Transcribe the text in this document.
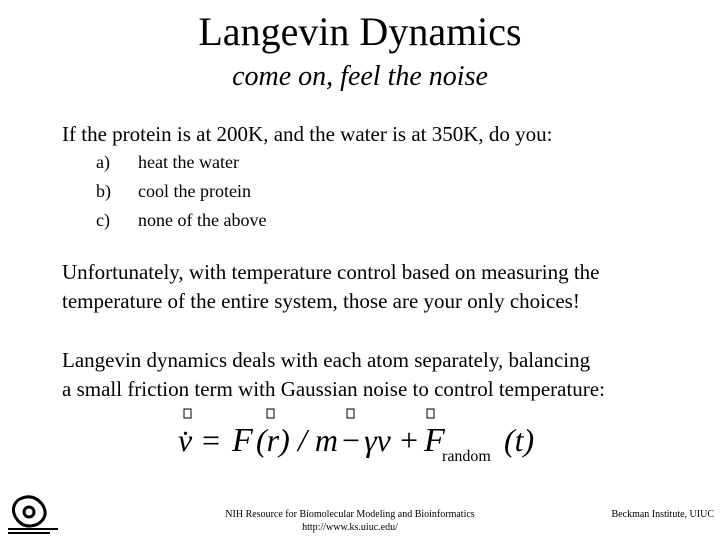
Langevin Dynamics
come on, feel the noise
If the protein is at 200K, and the water is at 350K, do you:
a)	heat the water
b)	cool the protein
c)	none of the above
Unfortunately, with temperature control based on measuring the
temperature of the entire system, those are your only choices!
Langevin dynamics deals with each atom separately, balancing
a small friction term with Gaussian noise to control temperature:
v̇ = F (r) / m − γv + F
random (t)
NIH Resource for Biomolecular Modeling and Bioinformatics
http://www.ks.uiuc.edu/
Beckman Institute, UIUC
